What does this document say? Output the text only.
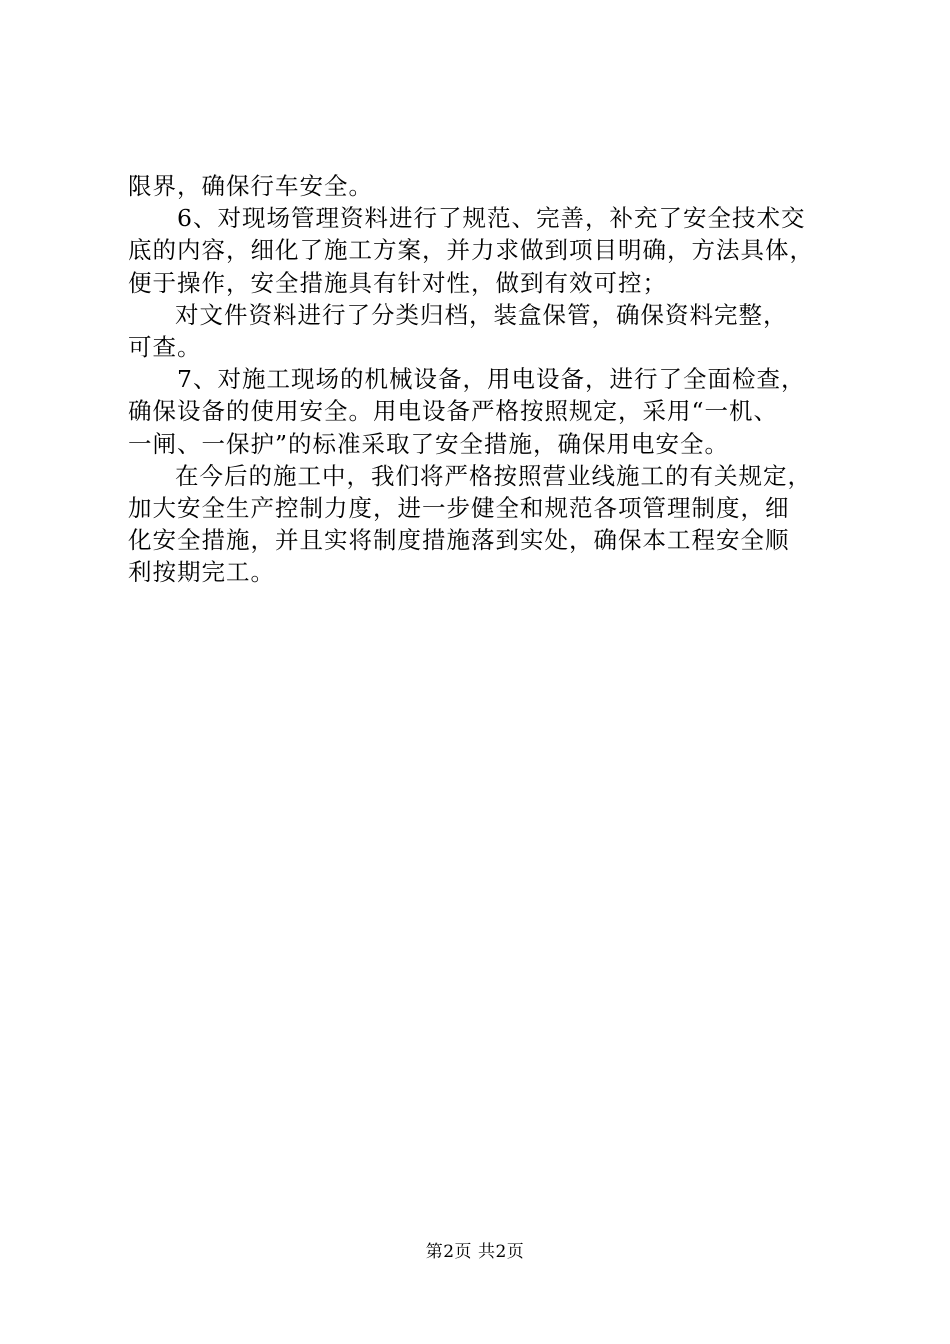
限界，确保行车安全。
6、对现场管理资料进行了规范、完善，补充了安全技术交
底的内容，细化了施工方案，并力求做到项目明确，方法具体，
便于操作，安全措施具有针对性，做到有效可控；
对文件资料进行了分类归档，装盒保管，确保资料完整，
可查。
7、对施工现场的机械设备，用电设备，进行了全面检查，
确保设备的使用安全。用电设备严格按照规定，采用“一机、
一闸、一保护”的标准采取了安全措施，确保用电安全。
在今后的施工中，我们将严格按照营业线施工的有关规定，
加大安全生产控制力度，进一步健全和规范各项管理制度，细
化安全措施，并且实将制度措施落到实处，确保本工程安全顺
利按期完工。
第2页 共2页
